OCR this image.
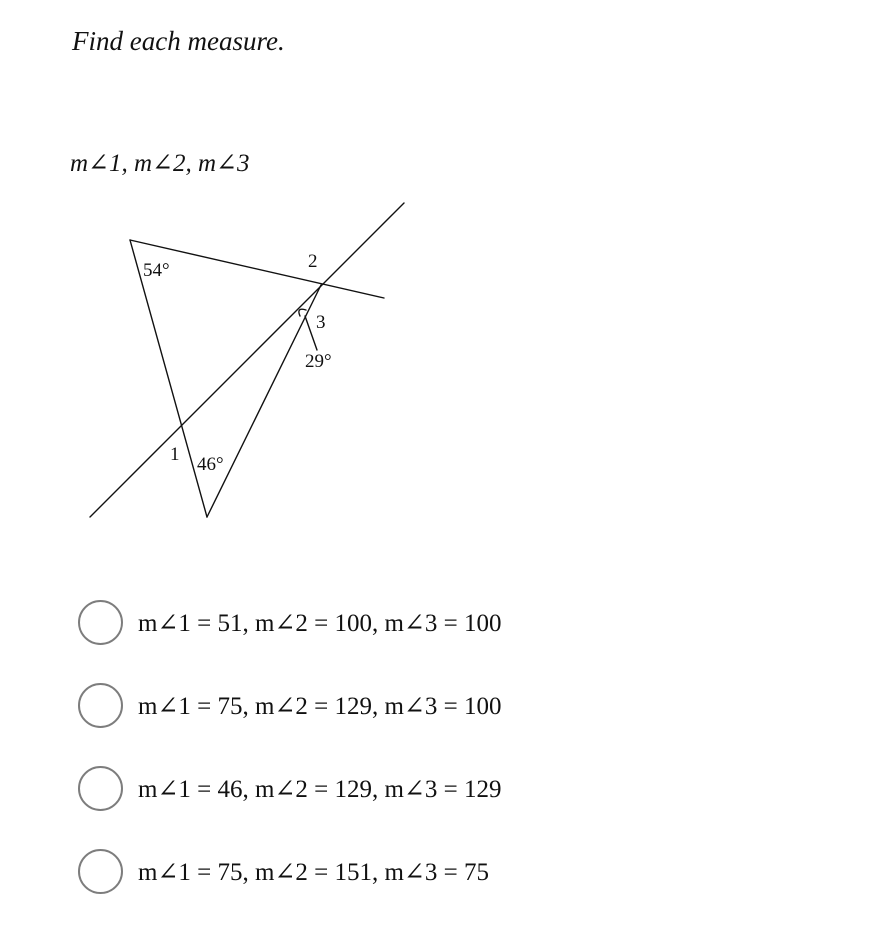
Find each measure.
m∠1, m∠2, m∠3
54°	2
3
29°
1 46°
m∠1 = 51, m∠2 = 100, m∠3 = 100
m∠1 = 75, m∠2 = 129, m∠3 = 100
m∠1 = 46, m∠2 = 129, m∠3 = 129
m∠1 = 75, m∠2 = 151, m∠3 = 75
